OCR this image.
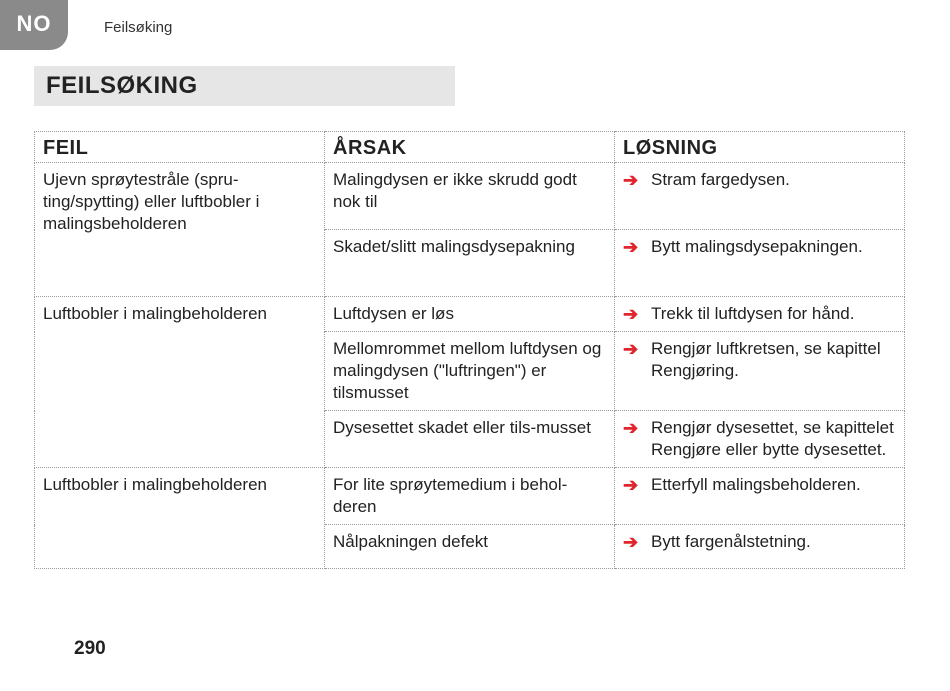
NO	Feilsøking
FEILSØKING
FEIL	ÅRSAK	LØSNING
Ujevn sprøytestråle (spru-ting/spytting) eller luftbobler i malingsbeholderen	Malingdysen er ikke skrudd godt nok til	➔ Stram fargedysen.

	Skadet/slitt malingsdysepakning	➔ Bytt malingsdysepakningen.

Luftbobler i malingbeholderen	Luftdysen er løs	➔ Trekk til luftdysen for hånd.

	Mellomrommet mellom luftdysen og malingdysen ("luftringen") er tilsmusset	➔ Rengjør luftkretsen, se kapittel Rengjøring.

	Dysesettet skadet eller tils-musset	➔ Rengjør dysesettet, se kapittelet Rengjøre eller bytte dysesettet.

Luftbobler i malingbeholderen	For lite sprøytemedium i behol-deren	➔ Etterfyll malingsbeholderen.

	Nålpakningen defekt	➔ Bytt fargenålstetning.
290
